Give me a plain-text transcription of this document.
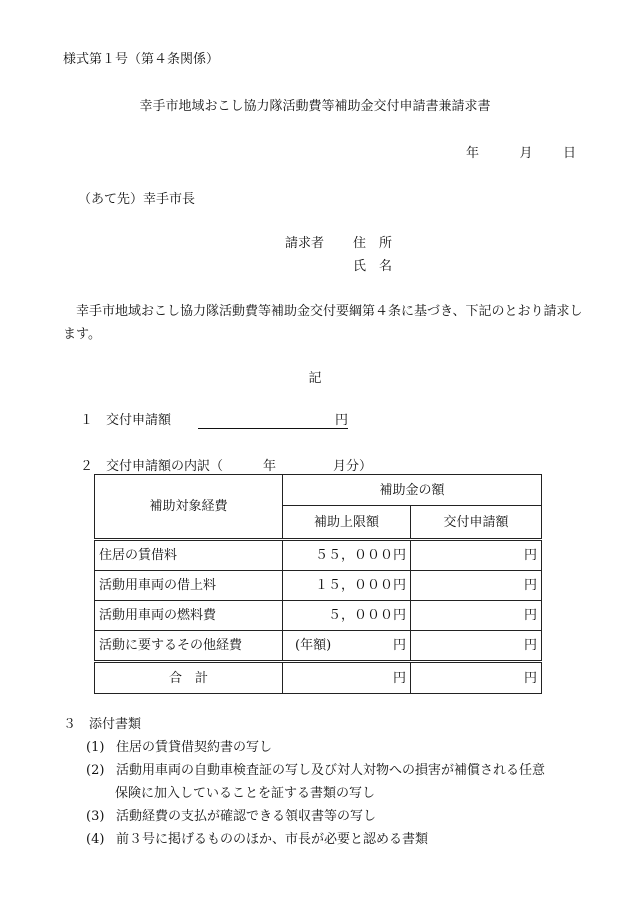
様式第１号（第４条関係）
幸手市地域おこし協力隊活動費等補助金交付申請書兼請求書
年	月 日
（あて先）幸手市長
請求者 住　所
氏　名
幸手市地域おこし協力隊活動費等補助金交付要綱第４条に基づき、下記のとおり請求します。
記
１　交付申請額	円
２　交付申請額の内訳（	年	月分）
補助対象経費	補助金の額	
	補助上限額	交付申請額
住居の賃借料	５５，０００円	円
活動用車両の借上料	１５，０００円	円
活動用車両の燃料費	５，０００円	円
活動に要するその他経費	(年額) 円	円
合　計	円	円
３　添付書類
(1) 住居の賃貸借契約書の写し
(2) 活動用車両の自動車検査証の写し及び対人対物への損害が補償される任意
保険に加入していることを証する書類の写し
(3) 活動経費の支払が確認できる領収書等の写し
(4) 前３号に掲げるもののほか、市長が必要と認める書類
